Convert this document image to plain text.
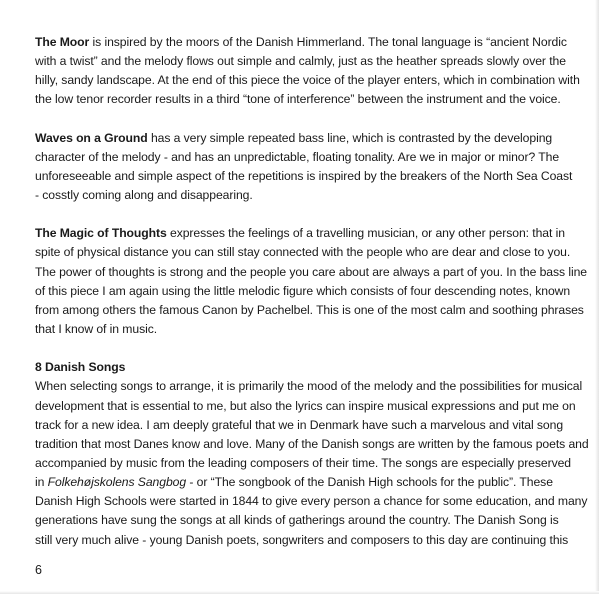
The Moor is inspired by the moors of the Danish Himmerland. The tonal language is “ancient Nordic
with a twist” and the melody flows out simple and calmly, just as the heather spreads slowly over the
hilly, sandy landscape. At the end of this piece the voice of the player enters, which in combination with
the low tenor recorder results in a third “tone of interference” between the instrument and the voice.

Waves on a Ground has a very simple repeated bass line, which is contrasted by the developing
character of the melody - and has an unpredictable, floating tonality. Are we in major or minor? The
unforeseeable and simple aspect of the repetitions is inspired by the breakers of the North Sea Coast
- cosstly coming along and disappearing.

The Magic of Thoughts expresses the feelings of a travelling musician, or any other person: that in
spite of physical distance you can still stay connected with the people who are dear and close to you.
The power of thoughts is strong and the people you care about are always a part of you. In the bass line
of this piece I am again using the little melodic figure which consists of four descending notes, known
from among others the famous Canon by Pachelbel. This is one of the most calm and soothing phrases
that I know of in music.

8 Danish Songs
When selecting songs to arrange, it is primarily the mood of the melody and the possibilities for musical
development that is essential to me, but also the lyrics can inspire musical expressions and put me on
track for a new idea. I am deeply grateful that we in Denmark have such a marvelous and vital song
tradition that most Danes know and love. Many of the Danish songs are written by the famous poets and
accompanied by music from the leading composers of their time. The songs are especially preserved
in Folkehøjskolens Sangbog - or “The songbook of the Danish High schools for the public”. These
Danish High Schools were started in 1844 to give every person a chance for some education, and many
generations have sung the songs at all kinds of gatherings around the country. The Danish Song is
still very much alive - young Danish poets, songwriters and composers to this day are continuing this
6
